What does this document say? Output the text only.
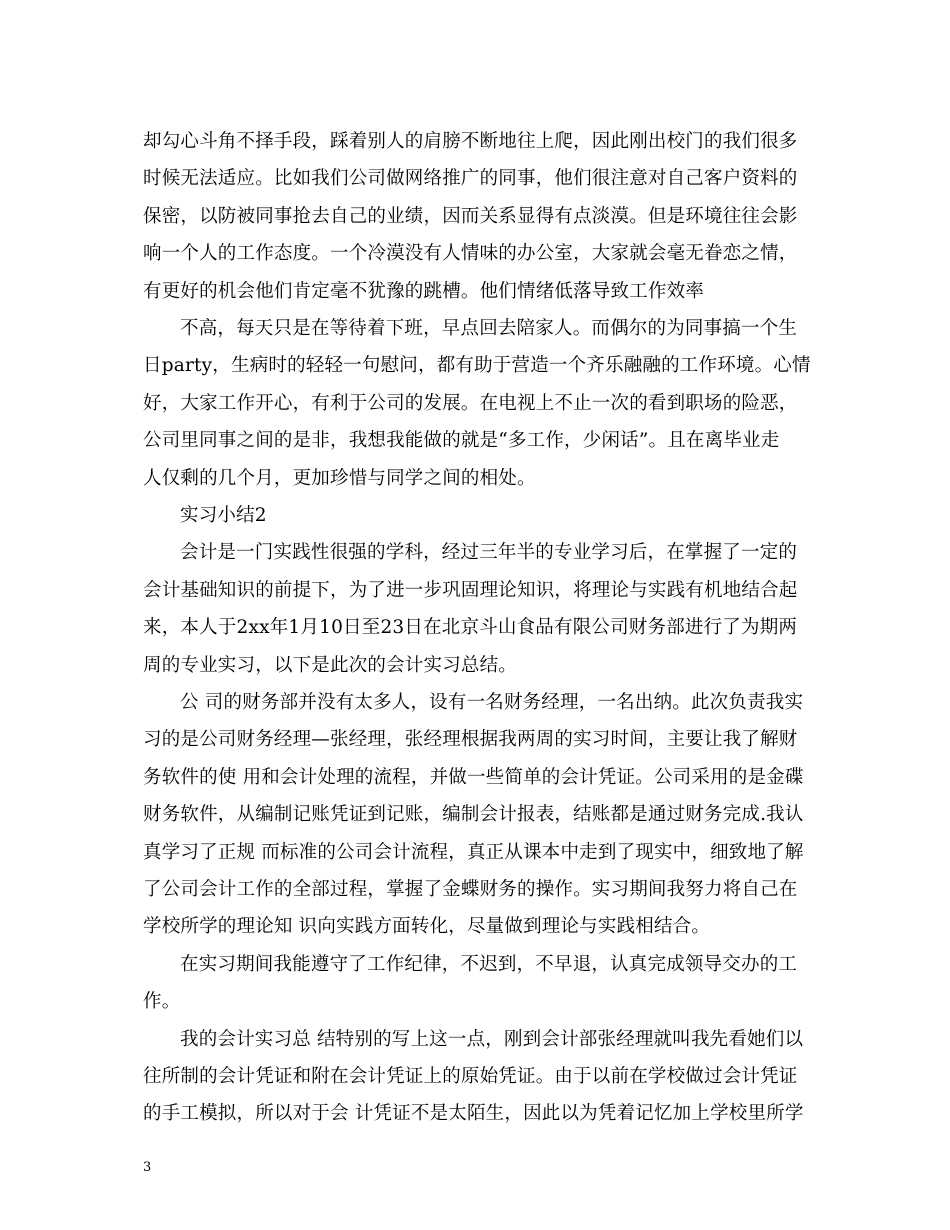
却勾心斗角不择手段，踩着别人的肩膀不断地往上爬，因此刚出校门的我们很多
时候无法适应。比如我们公司做网络推广的同事，他们很注意对自己客户资料的
保密，以防被同事抢去自己的业绩，因而关系显得有点淡漠。但是环境往往会影
响一个人的工作态度。一个冷漠没有人情味的办公室，大家就会毫无眷恋之情，
有更好的机会他们肯定毫不犹豫的跳槽。他们情绪低落导致工作效率
不高，每天只是在等待着下班，早点回去陪家人。而偶尔的为同事搞一个生
日party，生病时的轻轻一句慰问，都有助于营造一个齐乐融融的工作环境。心情
好，大家工作开心，有利于公司的发展。在电视上不止一次的看到职场的险恶，
公司里同事之间的是非，我想我能做的就是“多工作，少闲话”。且在离毕业走
人仅剩的几个月，更加珍惜与同学之间的相处。
实习小结2
会计是一门实践性很强的学科，经过三年半的专业学习后，在掌握了一定的
会计基础知识的前提下，为了进一步巩固理论知识，将理论与实践有机地结合起
来，本人于2xx年1月10日至23日在北京斗山食品有限公司财务部进行了为期两
周的专业实习，以下是此次的会计实习总结。
公 司的财务部并没有太多人，设有一名财务经理，一名出纳。此次负责我实
习的是公司财务经理—张经理，张经理根据我两周的实习时间，主要让我了解财
务软件的使 用和会计处理的流程，并做一些简单的会计凭证。公司采用的是金碟
财务软件，从编制记账凭证到记账，编制会计报表，结账都是通过财务完成.我认
真学习了正规 而标准的公司会计流程，真正从课本中走到了现实中，细致地了解
了公司会计工作的全部过程，掌握了金蝶财务的操作。实习期间我努力将自己在
学校所学的理论知 识向实践方面转化，尽量做到理论与实践相结合。
在实习期间我能遵守了工作纪律，不迟到，不早退，认真完成领导交办的工
作。
我的会计实习总 结特别的写上这一点，刚到会计部张经理就叫我先看她们以
往所制的会计凭证和附在会计凭证上的原始凭证。由于以前在学校做过会计凭证
的手工模拟，所以对于会 计凭证不是太陌生，因此以为凭着记忆加上学校里所学
3
